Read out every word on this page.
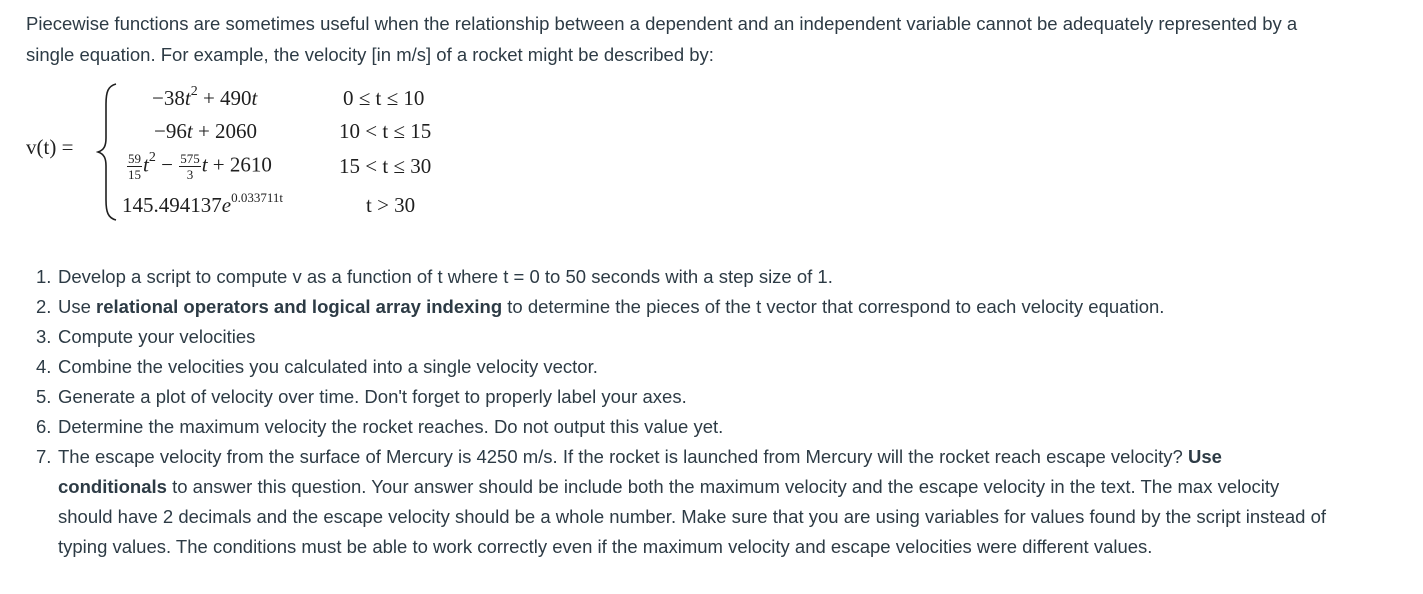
Piecewise functions are sometimes useful when the relationship between a dependent and an independent variable cannot be adequately represented by a
single equation. For example, the velocity [in m/s] of a rocket might be described by:

v(t) =
$-38t^2 + 490t$	0 ≤ t ≤ 10
−96t + 2060	10 < t ≤ 15
$\frac{59}{15} t^2 - \frac{575}{3}$ t + 2610	15 < t ≤ 30
$145.494137e^{0.033711t}$	t > 30
1. Develop a script to compute v as a function of t where t = 0 to 50 seconds with a step size of 1.
2. Use relational operators and logical array indexing to determine the pieces of the t vector that correspond to each velocity equation.
3. Compute your velocities
4. Combine the velocities you calculated into a single velocity vector.
5. Generate a plot of velocity over time. Don't forget to properly label your axes.
6. Determine the maximum velocity the rocket reaches. Do not output this value yet.
7. The escape velocity from the surface of Mercury is 4250 m/s. If the rocket is launched from Mercury will the rocket reach escape velocity? Use
conditionals to answer this question. Your answer should be include both the maximum velocity and the escape velocity in the text. The max velocity
should have 2 decimals and the escape velocity should be a whole number. Make sure that you are using variables for values found by the script instead of
typing values. The conditions must be able to work correctly even if the maximum velocity and escape velocities were different values.
